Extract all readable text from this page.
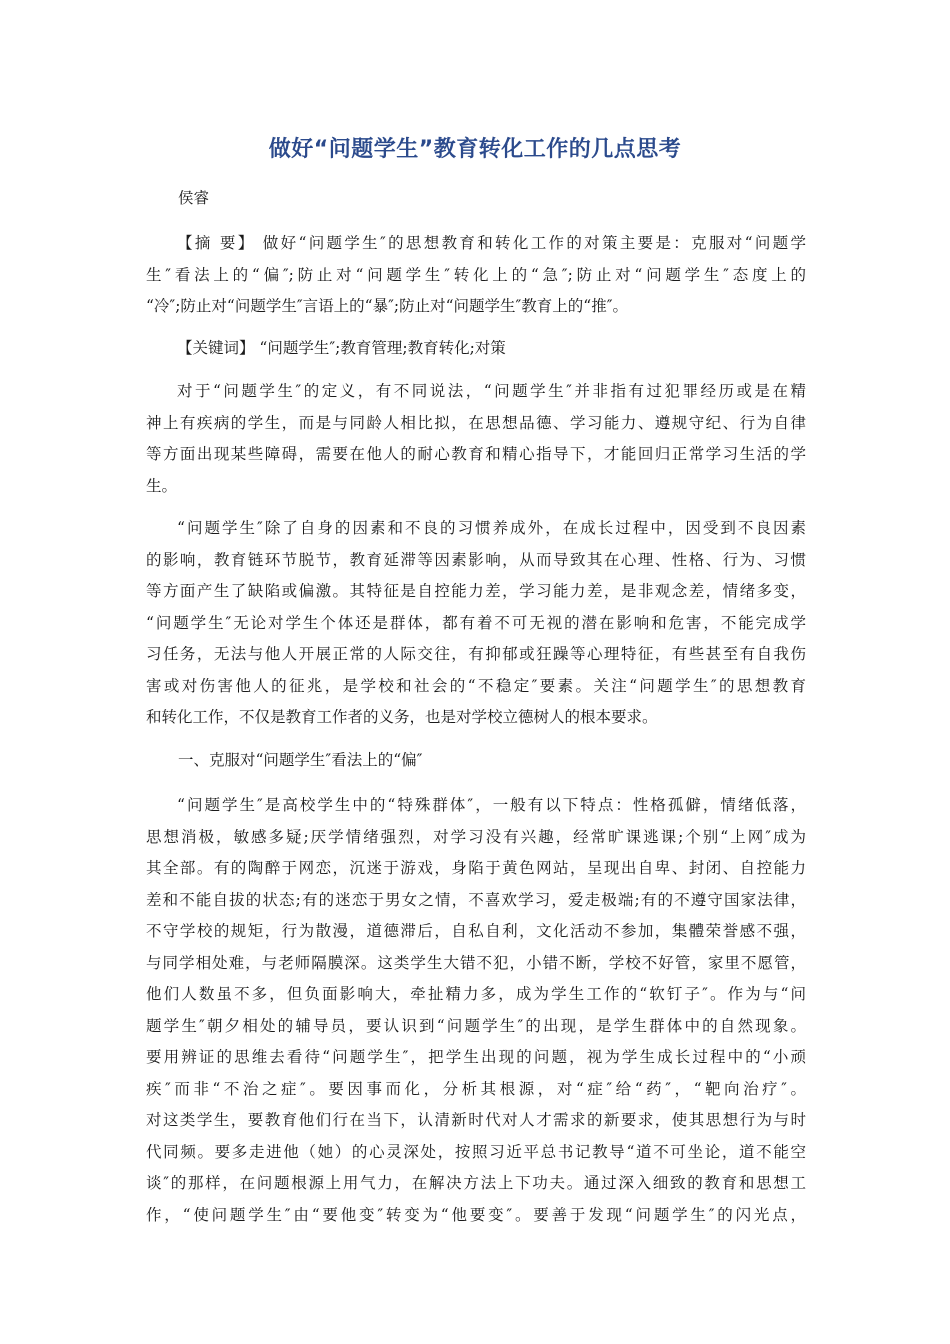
做好“问题学生”教育转化工作的几点思考
侯睿
【摘 要】 做好“问题学生″的思想教育和转化工作的对策主要是：克服对“问题学
生″看法上的“偏″;防止对“问题学生″转化上的“急″;防止对“问题学生″态度上的
“冷″;防止对“问题学生″言语上的“暴″;防止对“问题学生″教育上的“推″。
【关键词】 “问题学生″;教育管理;教育转化;对策
对于“问题学生″的定义，有不同说法，“问题学生″并非指有过犯罪经历或是在精
神上有疾病的学生，而是与同龄人相比拟，在思想品德、学习能力、遵规守纪、行为自律
等方面出现某些障碍，需要在他人的耐心教育和精心指导下，才能回归正常学习生活的学
生。
“问题学生″除了自身的因素和不良的习惯养成外，在成长过程中，因受到不良因素
的影响，教育链环节脱节，教育延滞等因素影响，从而导致其在心理、性格、行为、习惯
等方面产生了缺陷或偏激。其特征是自控能力差，学习能力差，是非观念差，情绪多变，
“问题学生″无论对学生个体还是群体，都有着不可无视的潜在影响和危害，不能完成学
习任务，无法与他人开展正常的人际交往，有抑郁或狂躁等心理特征，有些甚至有自我伤
害或对伤害他人的征兆，是学校和社会的“不稳定″要素。关注“问题学生″的思想教育
和转化工作，不仅是教育工作者的义务，也是对学校立德树人的根本要求。
一、克服对“问题学生″看法上的“偏″
“问题学生″是高校学生中的“特殊群体″，一般有以下特点：性格孤僻，情绪低落，
思想消极，敏感多疑;厌学情绪强烈，对学习没有兴趣，经常旷课逃课;个别“上网″成为
其全部。有的陶醉于网恋，沉迷于游戏，身陷于黄色网站，呈现出自卑、封闭、自控能力
差和不能自拔的状态;有的迷恋于男女之情，不喜欢学习，爱走极端;有的不遵守国家法律，
不守学校的规矩，行为散漫，道德滞后，自私自利，文化活动不参加，集體荣誉感不强，
与同学相处难，与老师隔膜深。这类学生大错不犯，小错不断，学校不好管，家里不愿管，
他们人数虽不多，但负面影响大，牵扯精力多，成为学生工作的“软钉子″。作为与“问
题学生″朝夕相处的辅导员，要认识到“问题学生″的出现，是学生群体中的自然现象。
要用辨证的思维去看待“问题学生″，把学生出现的问题，视为学生成长过程中的“小顽
疾″而非“不治之症″。要因事而化，分析其根源，对“症″给“药″，“靶向治疗″。
对这类学生，要教育他们行在当下，认清新时代对人才需求的新要求，使其思想行为与时
代同频。要多走进他（她）的心灵深处，按照习近平总书记教导“道不可坐论，道不能空
谈″的那样，在问题根源上用气力，在解决方法上下功夫。通过深入细致的教育和思想工
作，“使问题学生″由“要他变″转变为“他要变″。要善于发现“问题学生″的闪光点，
